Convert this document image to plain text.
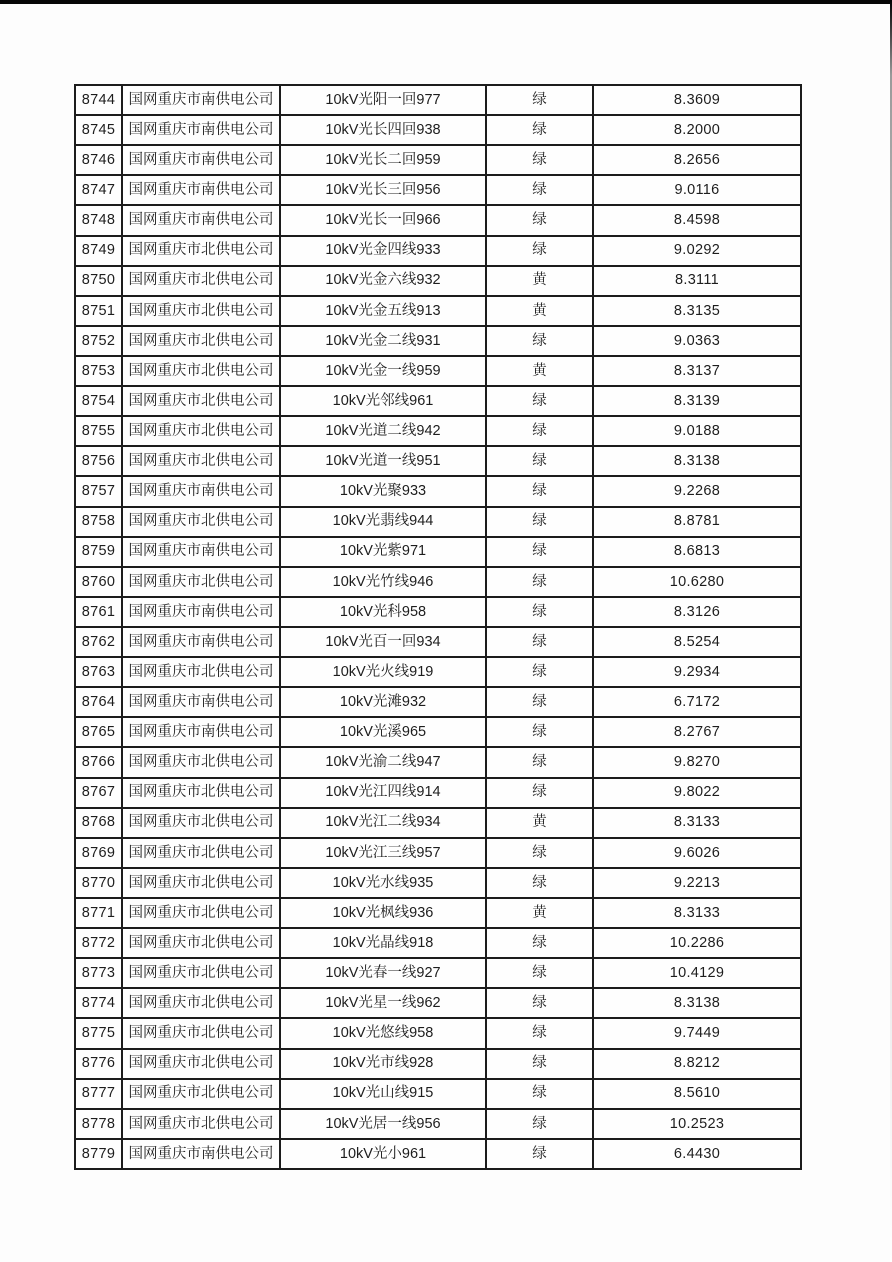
8744	国网重庆市南供电公司	10kV光阳一回977	绿	8.3609
8745	国网重庆市南供电公司	10kV光长四回938	绿	8.2000
8746	国网重庆市南供电公司	10kV光长二回959	绿	8.2656
8747	国网重庆市南供电公司	10kV光长三回956	绿	9.0116
8748	国网重庆市南供电公司	10kV光长一回966	绿	8.4598
8749	国网重庆市北供电公司	10kV光金四线933	绿	9.0292
8750	国网重庆市北供电公司	10kV光金六线932	黄	8.3111
8751	国网重庆市北供电公司	10kV光金五线913	黄	8.3135
8752	国网重庆市北供电公司	10kV光金二线931	绿	9.0363
8753	国网重庆市北供电公司	10kV光金一线959	黄	8.3137
8754	国网重庆市北供电公司	10kV光邻线961	绿	8.3139
8755	国网重庆市北供电公司	10kV光道二线942	绿	9.0188
8756	国网重庆市北供电公司	10kV光道一线951	绿	8.3138
8757	国网重庆市南供电公司	10kV光聚933	绿	9.2268
8758	国网重庆市北供电公司	10kV光翡线944	绿	8.8781
8759	国网重庆市南供电公司	10kV光紫971	绿	8.6813
8760	国网重庆市北供电公司	10kV光竹线946	绿	10.6280
8761	国网重庆市南供电公司	10kV光科958	绿	8.3126
8762	国网重庆市南供电公司	10kV光百一回934	绿	8.5254
8763	国网重庆市北供电公司	10kV光火线919	绿	9.2934
8764	国网重庆市南供电公司	10kV光滩932	绿	6.7172
8765	国网重庆市南供电公司	10kV光溪965	绿	8.2767
8766	国网重庆市北供电公司	10kV光渝二线947	绿	9.8270
8767	国网重庆市北供电公司	10kV光江四线914	绿	9.8022
8768	国网重庆市北供电公司	10kV光江二线934	黄	8.3133
8769	国网重庆市北供电公司	10kV光江三线957	绿	9.6026
8770	国网重庆市北供电公司	10kV光水线935	绿	9.2213
8771	国网重庆市北供电公司	10kV光枫线936	黄	8.3133
8772	国网重庆市北供电公司	10kV光晶线918	绿	10.2286
8773	国网重庆市北供电公司	10kV光春一线927	绿	10.4129
8774	国网重庆市北供电公司	10kV光星一线962	绿	8.3138
8775	国网重庆市北供电公司	10kV光悠线958	绿	9.7449
8776	国网重庆市北供电公司	10kV光市线928	绿	8.8212
8777	国网重庆市北供电公司	10kV光山线915	绿	8.5610
8778	国网重庆市北供电公司	10kV光居一线956	绿	10.2523
8779	国网重庆市南供电公司	10kV光小961	绿	6.4430
